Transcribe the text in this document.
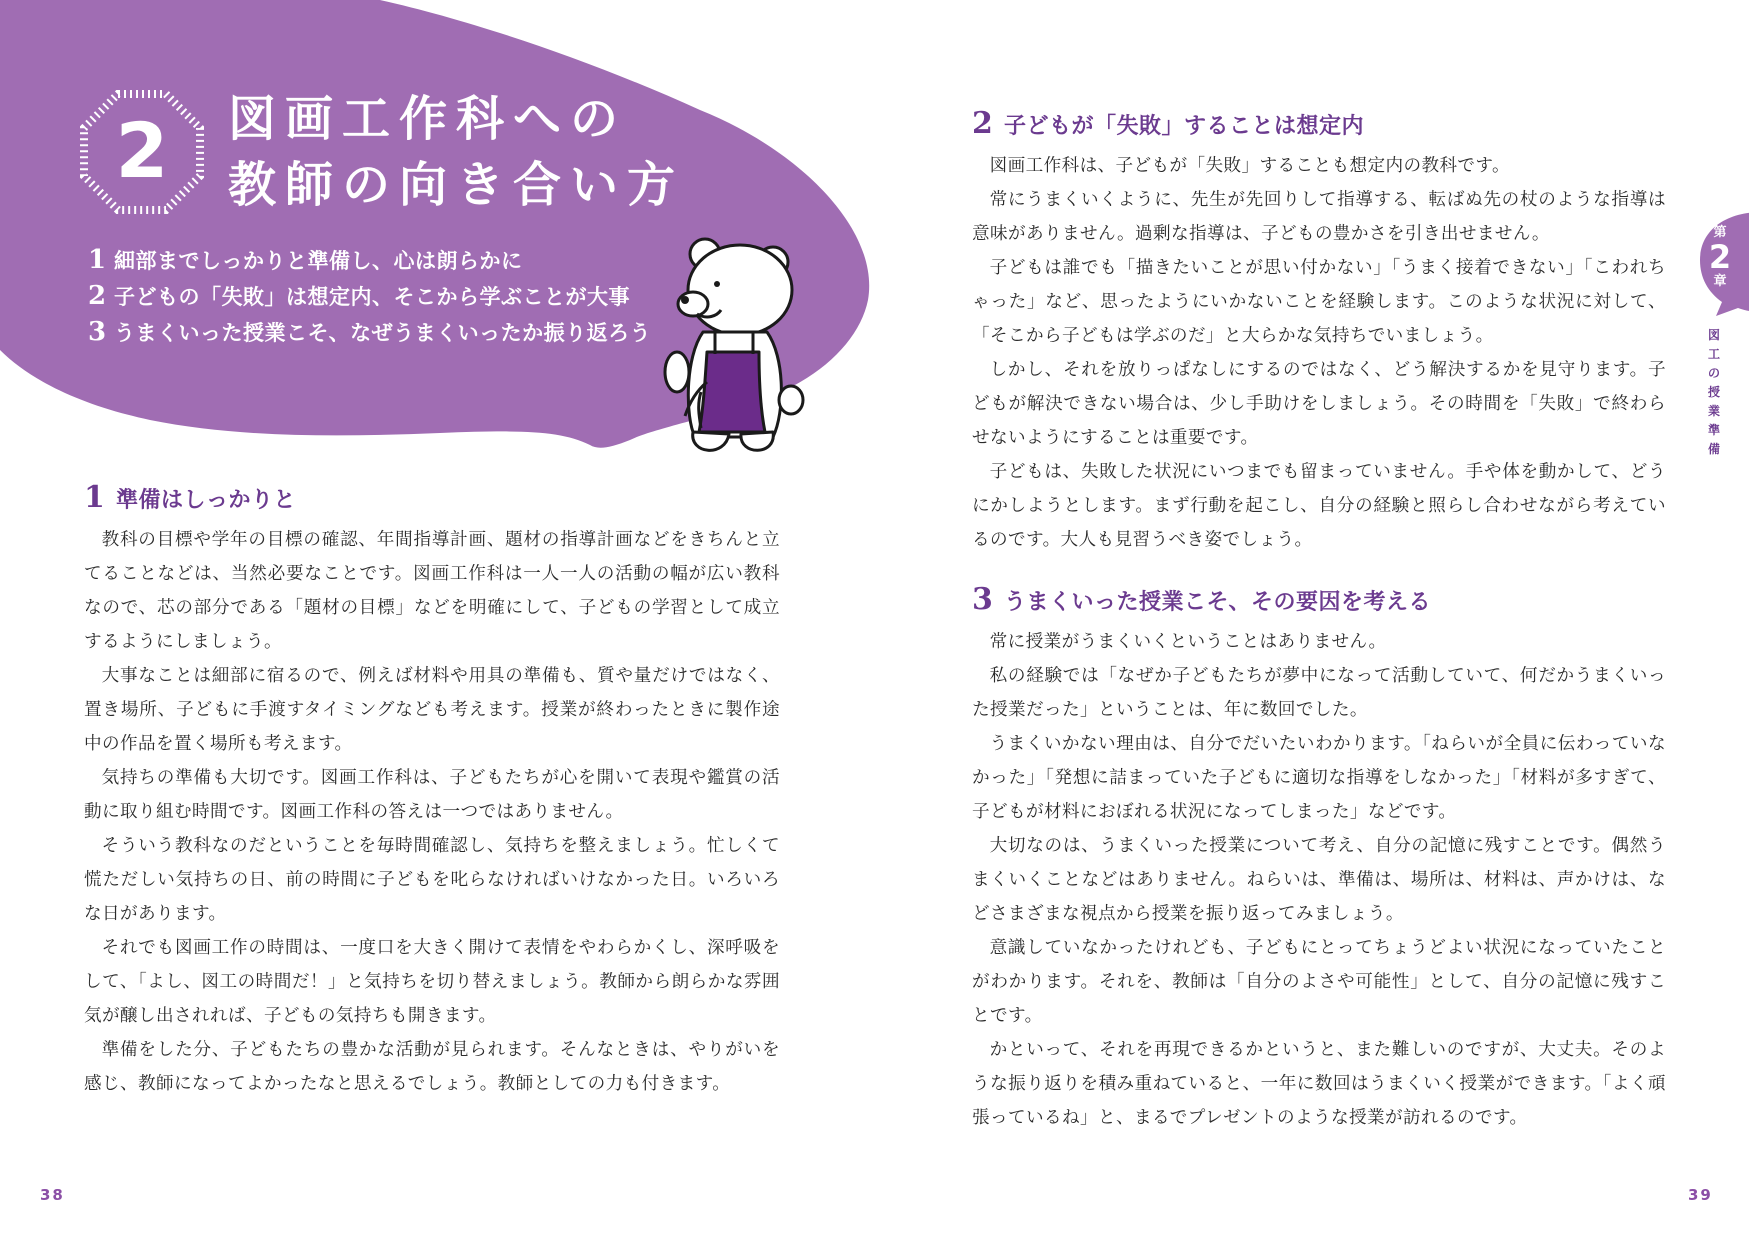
2	図画工作科への
教師の向き合い方
1 細部までしっかりと準備し、心は朗らかに
2 子どもの「失敗」は想定内、そこから学ぶことが大事
3 うまくいった授業こそ、なぜうまくいったか振り返ろう
1 準備はしっかりと

教科の目標や学年の目標の確認、年間指導計画、題材の指導計画などをきちんと立てることなどは、当然必要なことです。図画工作科は一人一人の活動の幅が広い教科なので、芯の部分である「題材の目標」などを明確にして、子どもの学習として成立するようにしましょう。

大事なことは細部に宿るので、例えば材料や用具の準備も、質や量だけではなく、置き場所、子どもに手渡すタイミングなども考えます。授業が終わったときに製作途中の作品を置く場所も考えます。

気持ちの準備も大切です。図画工作科は、子どもたちが心を開いて表現や鑑賞の活動に取り組む時間です。図画工作科の答えは一つではありません。

そういう教科なのだということを毎時間確認し、気持ちを整えましょう。忙しくて慌ただしい気持ちの日、前の時間に子どもを叱らなければいけなかった日。いろいろな日があります。

それでも図画工作の時間は、一度口を大きく開けて表情をやわらかくし、深呼吸をして、「よし、図工の時間だ！」と気持ちを切り替えましょう。教師から朗らかな雰囲気が醸し出されれば、子どもの気持ちも開きます。

準備をした分、子どもたちの豊かな活動が見られます。そんなときは、やりがいを感じ、教師になってよかったなと思えるでしょう。教師としての力も付きます。

38
2 子どもが「失敗」することは想定内

図画工作科は、子どもが「失敗」することも想定内の教科です。

常にうまくいくように、先生が先回りして指導する、転ばぬ先の杖のような指導は意味がありません。過剰な指導は、子どもの豊かさを引き出せません。

子どもは誰でも「描きたいことが思い付かない」「うまく接着できない」「こわれちゃった」など、思ったようにいかないことを経験します。このような状況に対して、「そこから子どもは学ぶのだ」と大らかな気持ちでいましょう。

しかし、それを放りっぱなしにするのではなく、どう解決するかを見守ります。子どもが解決できない場合は、少し手助けをしましょう。その時間を「失敗」で終わらせないようにすることは重要です。

子どもは、失敗した状況にいつまでも留まっていません。手や体を動かして、どうにかしようとします。まず行動を起こし、自分の経験と照らし合わせながら考えているのです。大人も見習うべき姿でしょう。

3 うまくいった授業こそ、その要因を考える

常に授業がうまくいくということはありません。

私の経験では「なぜか子どもたちが夢中になって活動していて、何だかうまくいった授業だった」ということは、年に数回でした。

うまくいかない理由は、自分でだいたいわかります。「ねらいが全員に伝わっていなかった」「発想に詰まっていた子どもに適切な指導をしなかった」「材料が多すぎて、子どもが材料におぼれる状況になってしまった」などです。

大切なのは、うまくいった授業について考え、自分の記憶に残すことです。偶然うまくいくことなどはありません。ねらいは、準備は、場所は、材料は、声かけは、などさまざまな視点から授業を振り返ってみましょう。

意識していなかったけれども、子どもにとってちょうどよい状況になっていたことがわかります。それを、教師は「自分のよさや可能性」として、自分の記憶に残すことです。

かといって、それを再現できるかというと、また難しいのですが、大丈夫。そのような振り返りを積み重ねていると、一年に数回はうまくいく授業ができます。「よく頑張っているね」と、まるでプレゼントのような授業が訪れるのです。

第
2
章
図工の授業準備
39
